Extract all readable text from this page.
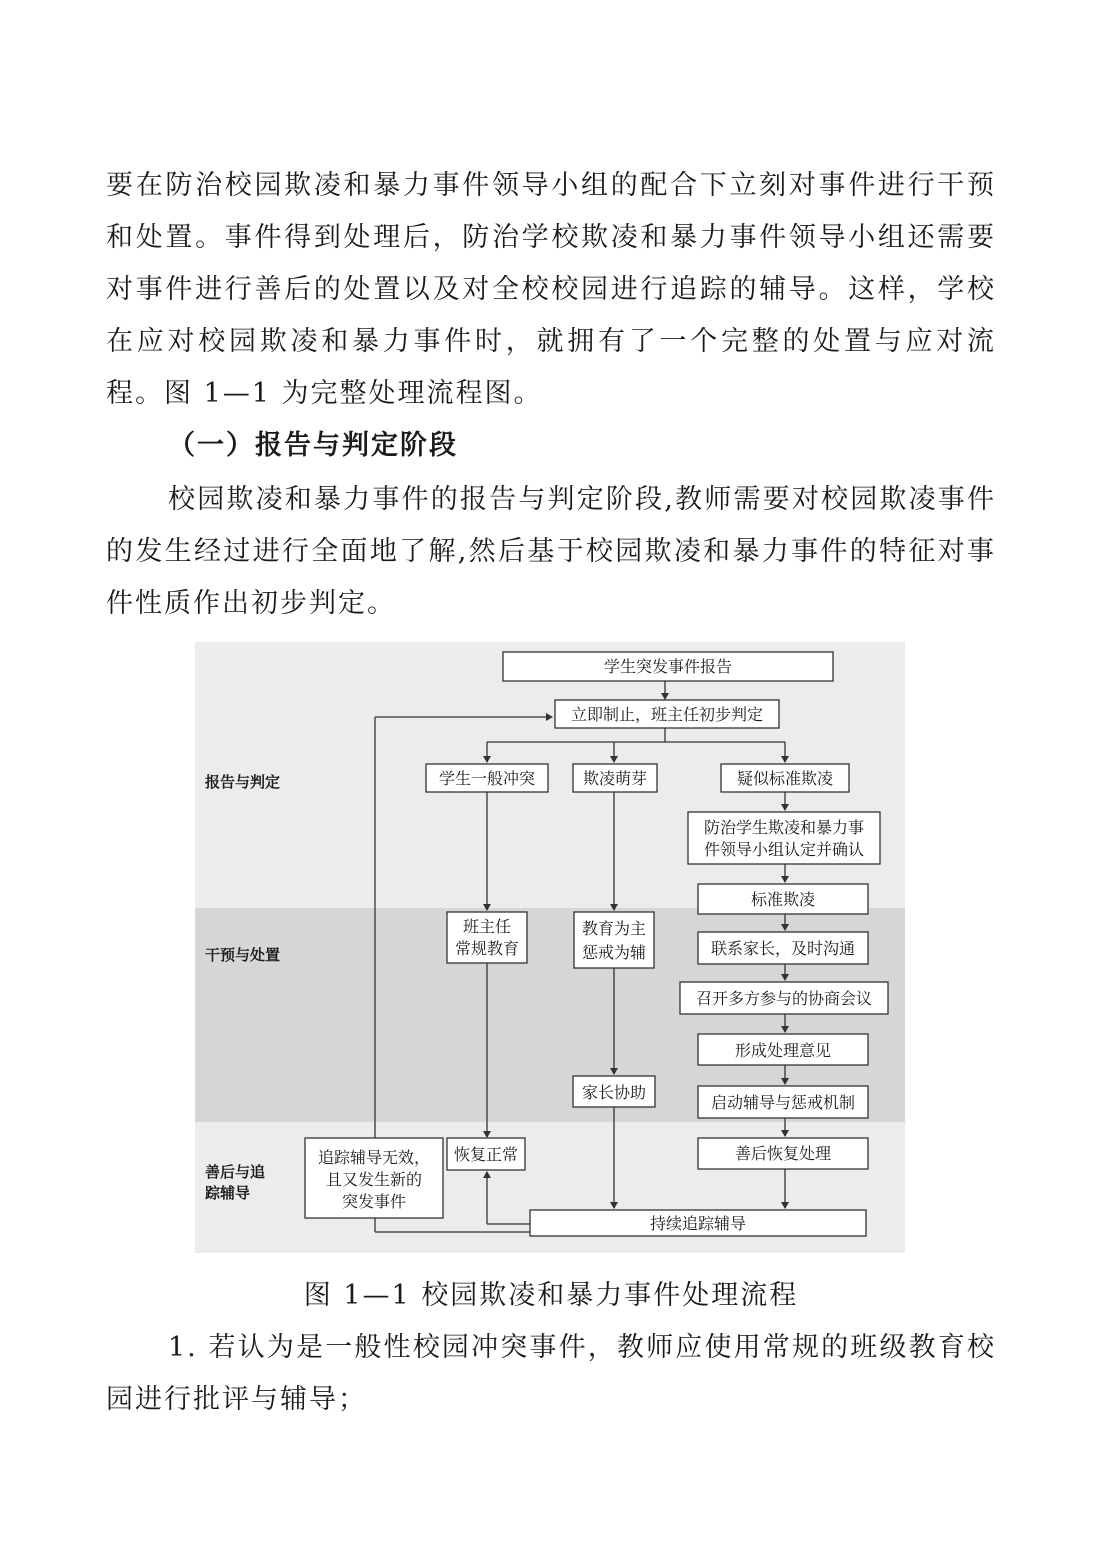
要在防治校园欺凌和暴力事件领导小组的配合下立刻对事件进行干预和处置。事件得到处理后，防治学校欺凌和暴力事件领导小组还需要对事件进行善后的处置以及对全校校园进行追踪的辅导。这样，学校在应对校园欺凌和暴力事件时，就拥有了一个完整的处置与应对流程。图 1—1 为完整处理流程图。

（一）报告与判定阶段

校园欺凌和暴力事件的报告与判定阶段,教师需要对校园欺凌事件的发生经过进行全面地了解,然后基于校园欺凌和暴力事件的特征对事件性质作出初步判定。

报告与判定
干预与处置
善后与追
踪辅导
学生突发事件报告
立即制止，班主任初步判定
学生一般冲突	欺凌萌芽	疑似标准欺凌
防治学生欺凌和暴力事
件领导小组认定并确认
标准欺凌
班主任
常规教育
教育为主
惩戒为辅	联系家长，及时沟通
召开多方参与的协商会议
形成处理意见
家长协助
启动辅导与惩戒机制
追踪辅导无效，
且又发生新的
突发事件
恢复正常	善后恢复处理
持续追踪辅导

图 1—1 校园欺凌和暴力事件处理流程

1. 若认为是一般性校园冲突事件，教师应使用常规的班级教育校园进行批评与辅导；
